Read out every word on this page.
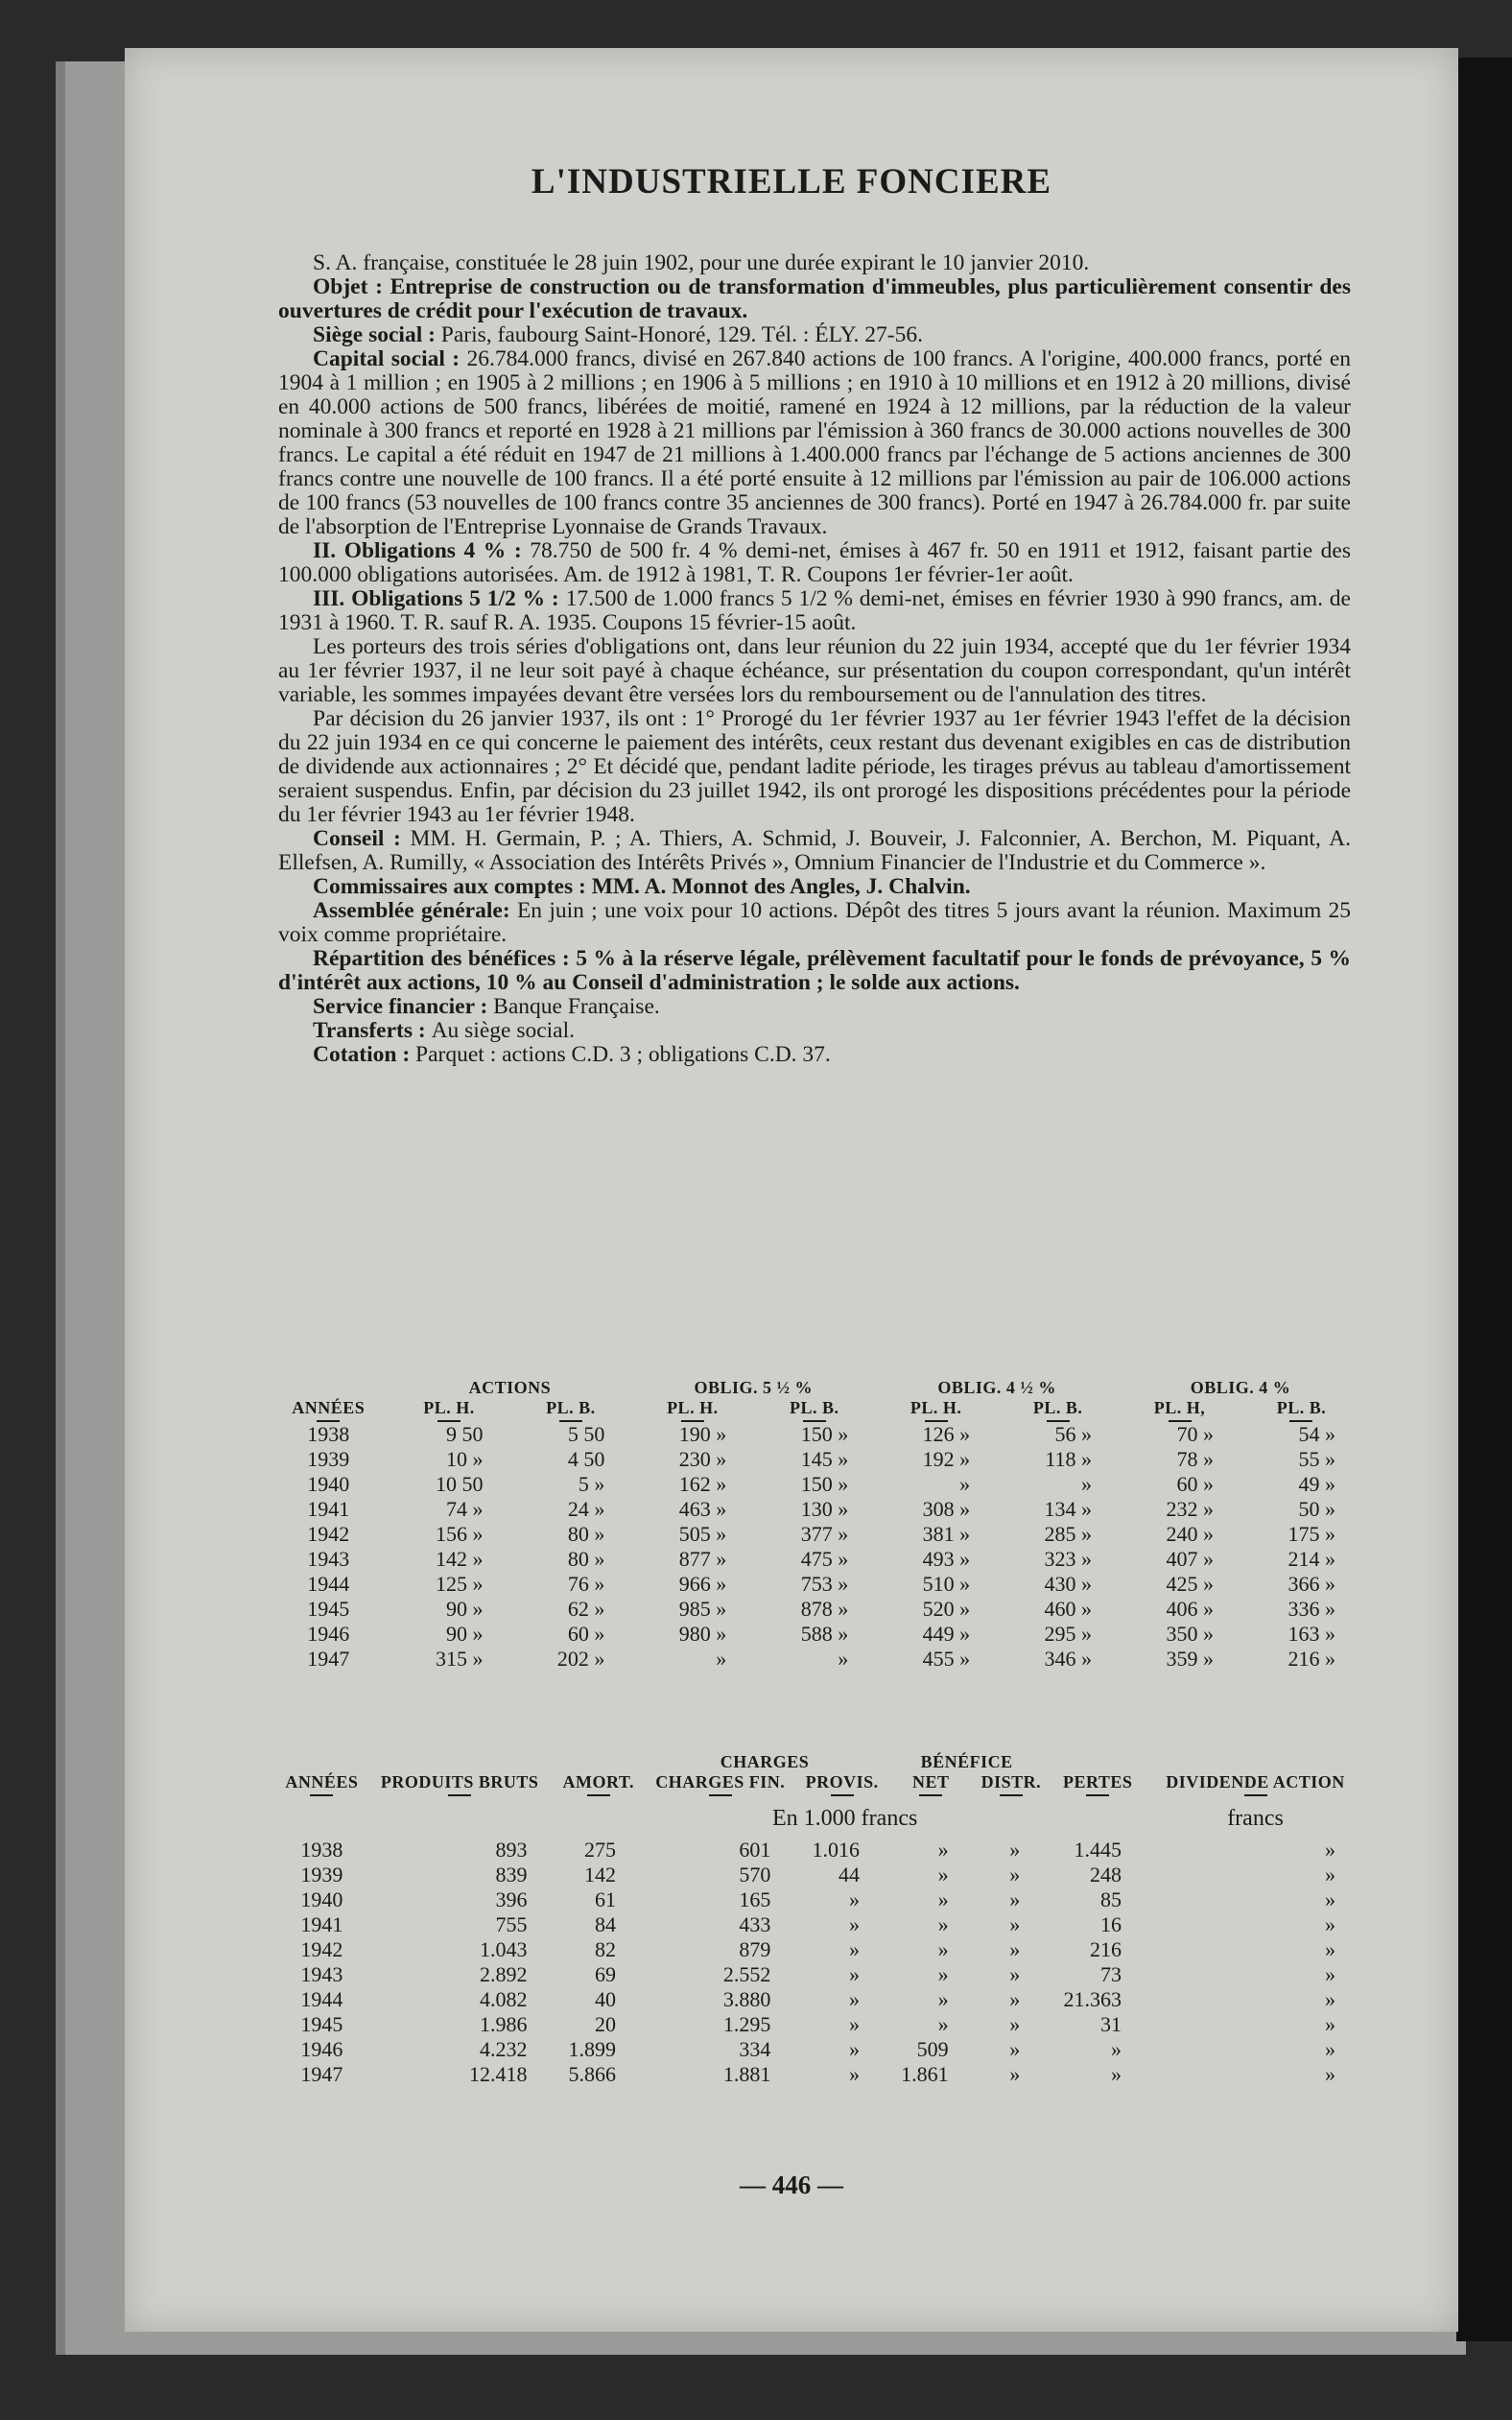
L'INDUSTRIELLE FONCIERE

S. A. française, constituée le 28 juin 1902, pour une durée expirant le 10 janvier 2010.

Objet : Entreprise de construction ou de transformation d'immeubles, plus particulièrement consentir des ouvertures de crédit pour l'exécution de travaux.

Siège social : Paris, faubourg Saint-Honoré, 129. Tél. : ÉLY. 27-56.

Capital social : 26.784.000 francs, divisé en 267.840 actions de 100 francs. A l'origine, 400.000 francs, porté en 1904 à 1 million ; en 1905 à 2 millions ; en 1906 à 5 millions ; en 1910 à 10 millions et en 1912 à 20 millions, divisé en 40.000 actions de 500 francs, libérées de moitié, ramené en 1924 à 12 millions, par la réduction de la valeur nominale à 300 francs et reporté en 1928 à 21 millions par l'émission à 360 francs de 30.000 actions nouvelles de 300 francs. Le capital a été réduit en 1947 de 21 millions à 1.400.000 francs par l'échange de 5 actions anciennes de 300 francs contre une nouvelle de 100 francs. Il a été porté ensuite à 12 millions par l'émission au pair de 106.000 actions de 100 francs (53 nouvelles de 100 francs contre 35 anciennes de 300 francs). Porté en 1947 à 26.784.000 fr. par suite de l'absorption de l'Entreprise Lyonnaise de Grands Travaux.

II. Obligations 4 % : 78.750 de 500 fr. 4 % demi-net, émises à 467 fr. 50 en 1911 et 1912, faisant partie des 100.000 obligations autorisées. Am. de 1912 à 1981, T. R. Coupons 1er février-1er août.

III. Obligations 5 1/2 % : 17.500 de 1.000 francs 5 1/2 % demi-net, émises en février 1930 à 990 francs, am. de 1931 à 1960. T. R. sauf R. A. 1935. Coupons 15 février-15 août.

Les porteurs des trois séries d'obligations ont, dans leur réunion du 22 juin 1934, accepté que du 1er février 1934 au 1er février 1937, il ne leur soit payé à chaque échéance, sur présentation du coupon correspondant, qu'un intérêt variable, les sommes impayées devant être versées lors du remboursement ou de l'annulation des titres.

Par décision du 26 janvier 1937, ils ont : 1° Prorogé du 1er février 1937 au 1er février 1943 l'effet de la décision du 22 juin 1934 en ce qui concerne le paiement des intérêts, ceux restant dus devenant exigibles en cas de distribution de dividende aux actionnaires ; 2° Et décidé que, pendant ladite période, les tirages prévus au tableau d'amortissement seraient suspendus. Enfin, par décision du 23 juillet 1942, ils ont prorogé les dispositions précédentes pour la période du 1er février 1943 au 1er février 1948.

Conseil : MM. H. Germain, P. ; A. Thiers, A. Schmid, J. Bouveir, J. Falconnier, A. Berchon, M. Piquant, A. Ellefsen, A. Rumilly, « Association des Intérêts Privés », Omnium Financier de l'Industrie et du Commerce ».

Commissaires aux comptes : MM. A. Monnot des Angles, J. Chalvin.

Assemblée générale: En juin ; une voix pour 10 actions. Dépôt des titres 5 jours avant la réunion. Maximum 25 voix comme propriétaire.

Répartition des bénéfices : 5 % à la réserve légale, prélèvement facultatif pour le fonds de prévoyance, 5 % d'intérêt aux actions, 10 % au Conseil d'administration ; le solde aux actions.

Service financier : Banque Française.

Transferts : Au siège social.

Cotation : Parquet : actions C.D. 3 ; obligations C.D. 37.

	ACTIONS		OBLIG. 5 ½ %		OBLIG. 4 ½ %		OBLIG. 4 %	
ANNÉES	PL. H.	PL. B.	PL. H.	PL. B.	PL. H.	PL. B.	PL. H,	PL. B.

1938	9 50	5 50	190 »	150 »	126 »	56 »	70 »	54 »
1939	10 »	4 50	230 »	145 »	192 »	118 »	78 »	55 »
1940	10 50	5 »	162 »	150 »	»	»	60 »	49 »
1941	74 »	24 »	463 »	130 »	308 »	134 »	232 »	50 »
1942	156 »	80 »	505 »	377 »	381 »	285 »	240 »	175 »
1943	142 »	80 »	877 »	475 »	493 »	323 »	407 »	214 »
1944	125 »	76 »	966 »	753 »	510 »	430 »	425 »	366 »
1945	90 »	62 »	985 »	878 »	520 »	460 »	406 »	336 »
1946	90 »	60 »	980 »	588 »	449 »	295 »	350 »	163 »
1947	315 »	202 »	»	»	455 »	346 »	359 »	216 »
			CHARGES		BÉNÉFICE			
ANNÉES	PRODUITS BRUTS	AMORT.	CHARGES FIN.	PROVIS.	NET	DISTR.	PERTES	DIVIDENDE ACTION

			En 1.000 francs					francs
1938	893	275	601	1.016	»	»	1.445	»
1939	839	142	570	44	»	»	248	»
1940	396	61	165	»	»	»	85	»
1941	755	84	433	»	»	»	16	»
1942	1.043	82	879	»	»	»	216	»
1943	2.892	69	2.552	»	»	»	73	»
1944	4.082	40	3.880	»	»	»	21.363	»
1945	1.986	20	1.295	»	»	»	31	»
1946	4.232	1.899	334	»	509	»	»	»
1947	12.418	5.866	1.881	»	1.861	»	»	»
— 446 —
